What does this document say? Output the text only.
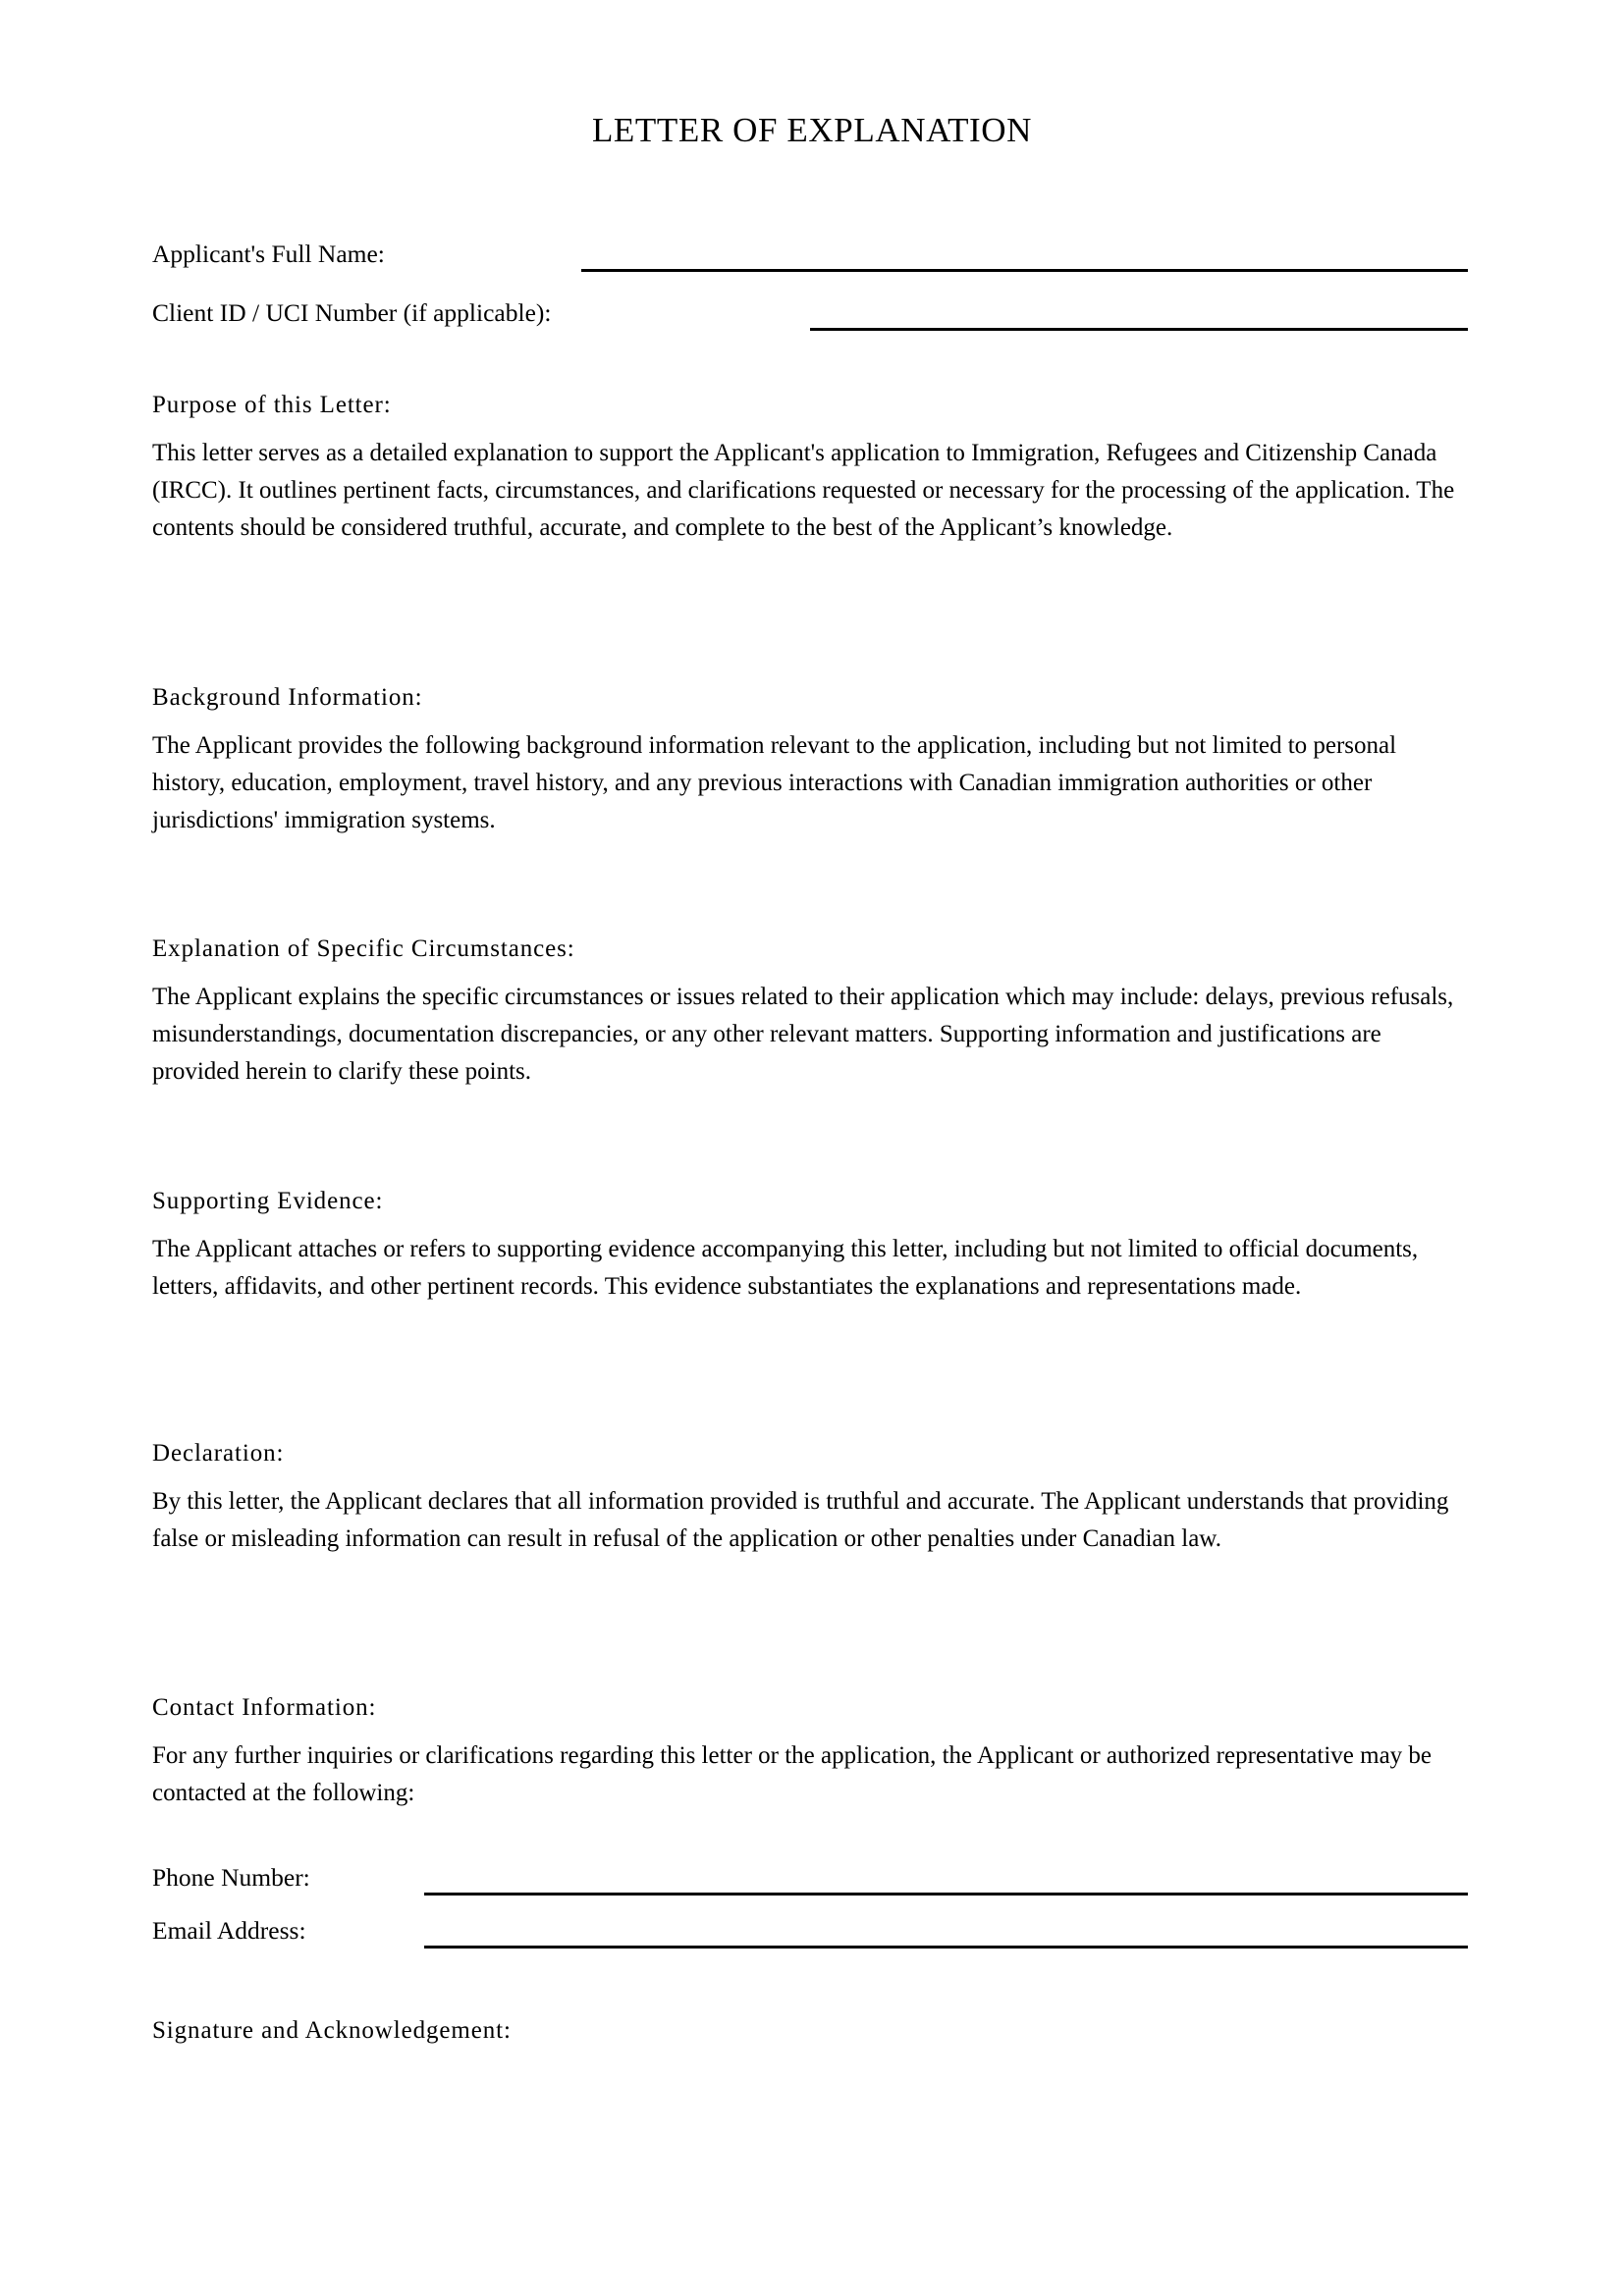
LETTER OF EXPLANATION
Applicant's Full Name:
Client ID / UCI Number (if applicable):
Purpose of this Letter:

This letter serves as a detailed explanation to support the Applicant's application to Immigration, Refugees and Citizenship Canada (IRCC). It outlines pertinent facts, circumstances, and clarifications requested or necessary for the processing of the application. The contents should be considered truthful, accurate, and complete to the best of the Applicant’s knowledge.

Background Information:

The Applicant provides the following background information relevant to the application, including but not limited to personal history, education, employment, travel history, and any previous interactions with Canadian immigration authorities or other jurisdictions' immigration systems.

Explanation of Specific Circumstances:

The Applicant explains the specific circumstances or issues related to their application which may include: delays, previous refusals, misunderstandings, documentation discrepancies, or any other relevant matters. Supporting information and justifications are provided herein to clarify these points.

Supporting Evidence:

The Applicant attaches or refers to supporting evidence accompanying this letter, including but not limited to official documents, letters, affidavits, and other pertinent records. This evidence substantiates the explanations and representations made.

Declaration:

By this letter, the Applicant declares that all information provided is truthful and accurate. The Applicant understands that providing false or misleading information can result in refusal of the application or other penalties under Canadian law.

Contact Information:

For any further inquiries or clarifications regarding this letter or the application, the Applicant or authorized representative may be contacted at the following:

Phone Number:
Email Address:
Signature and Acknowledgement:
